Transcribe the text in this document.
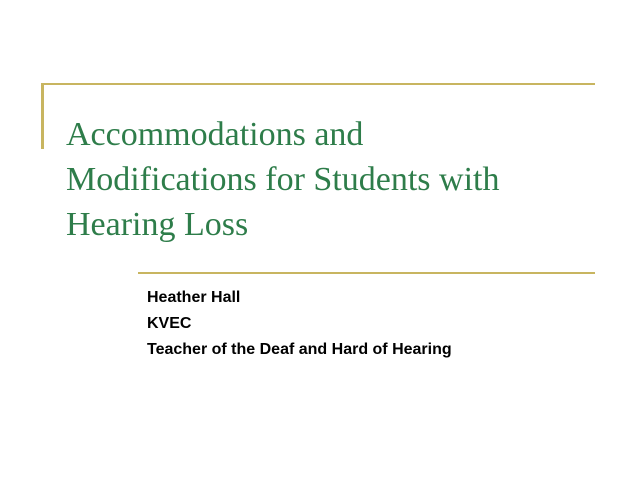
Accommodations and
Modifications for Students with
Hearing Loss
Heather Hall
KVEC
Teacher of the Deaf and Hard of Hearing
